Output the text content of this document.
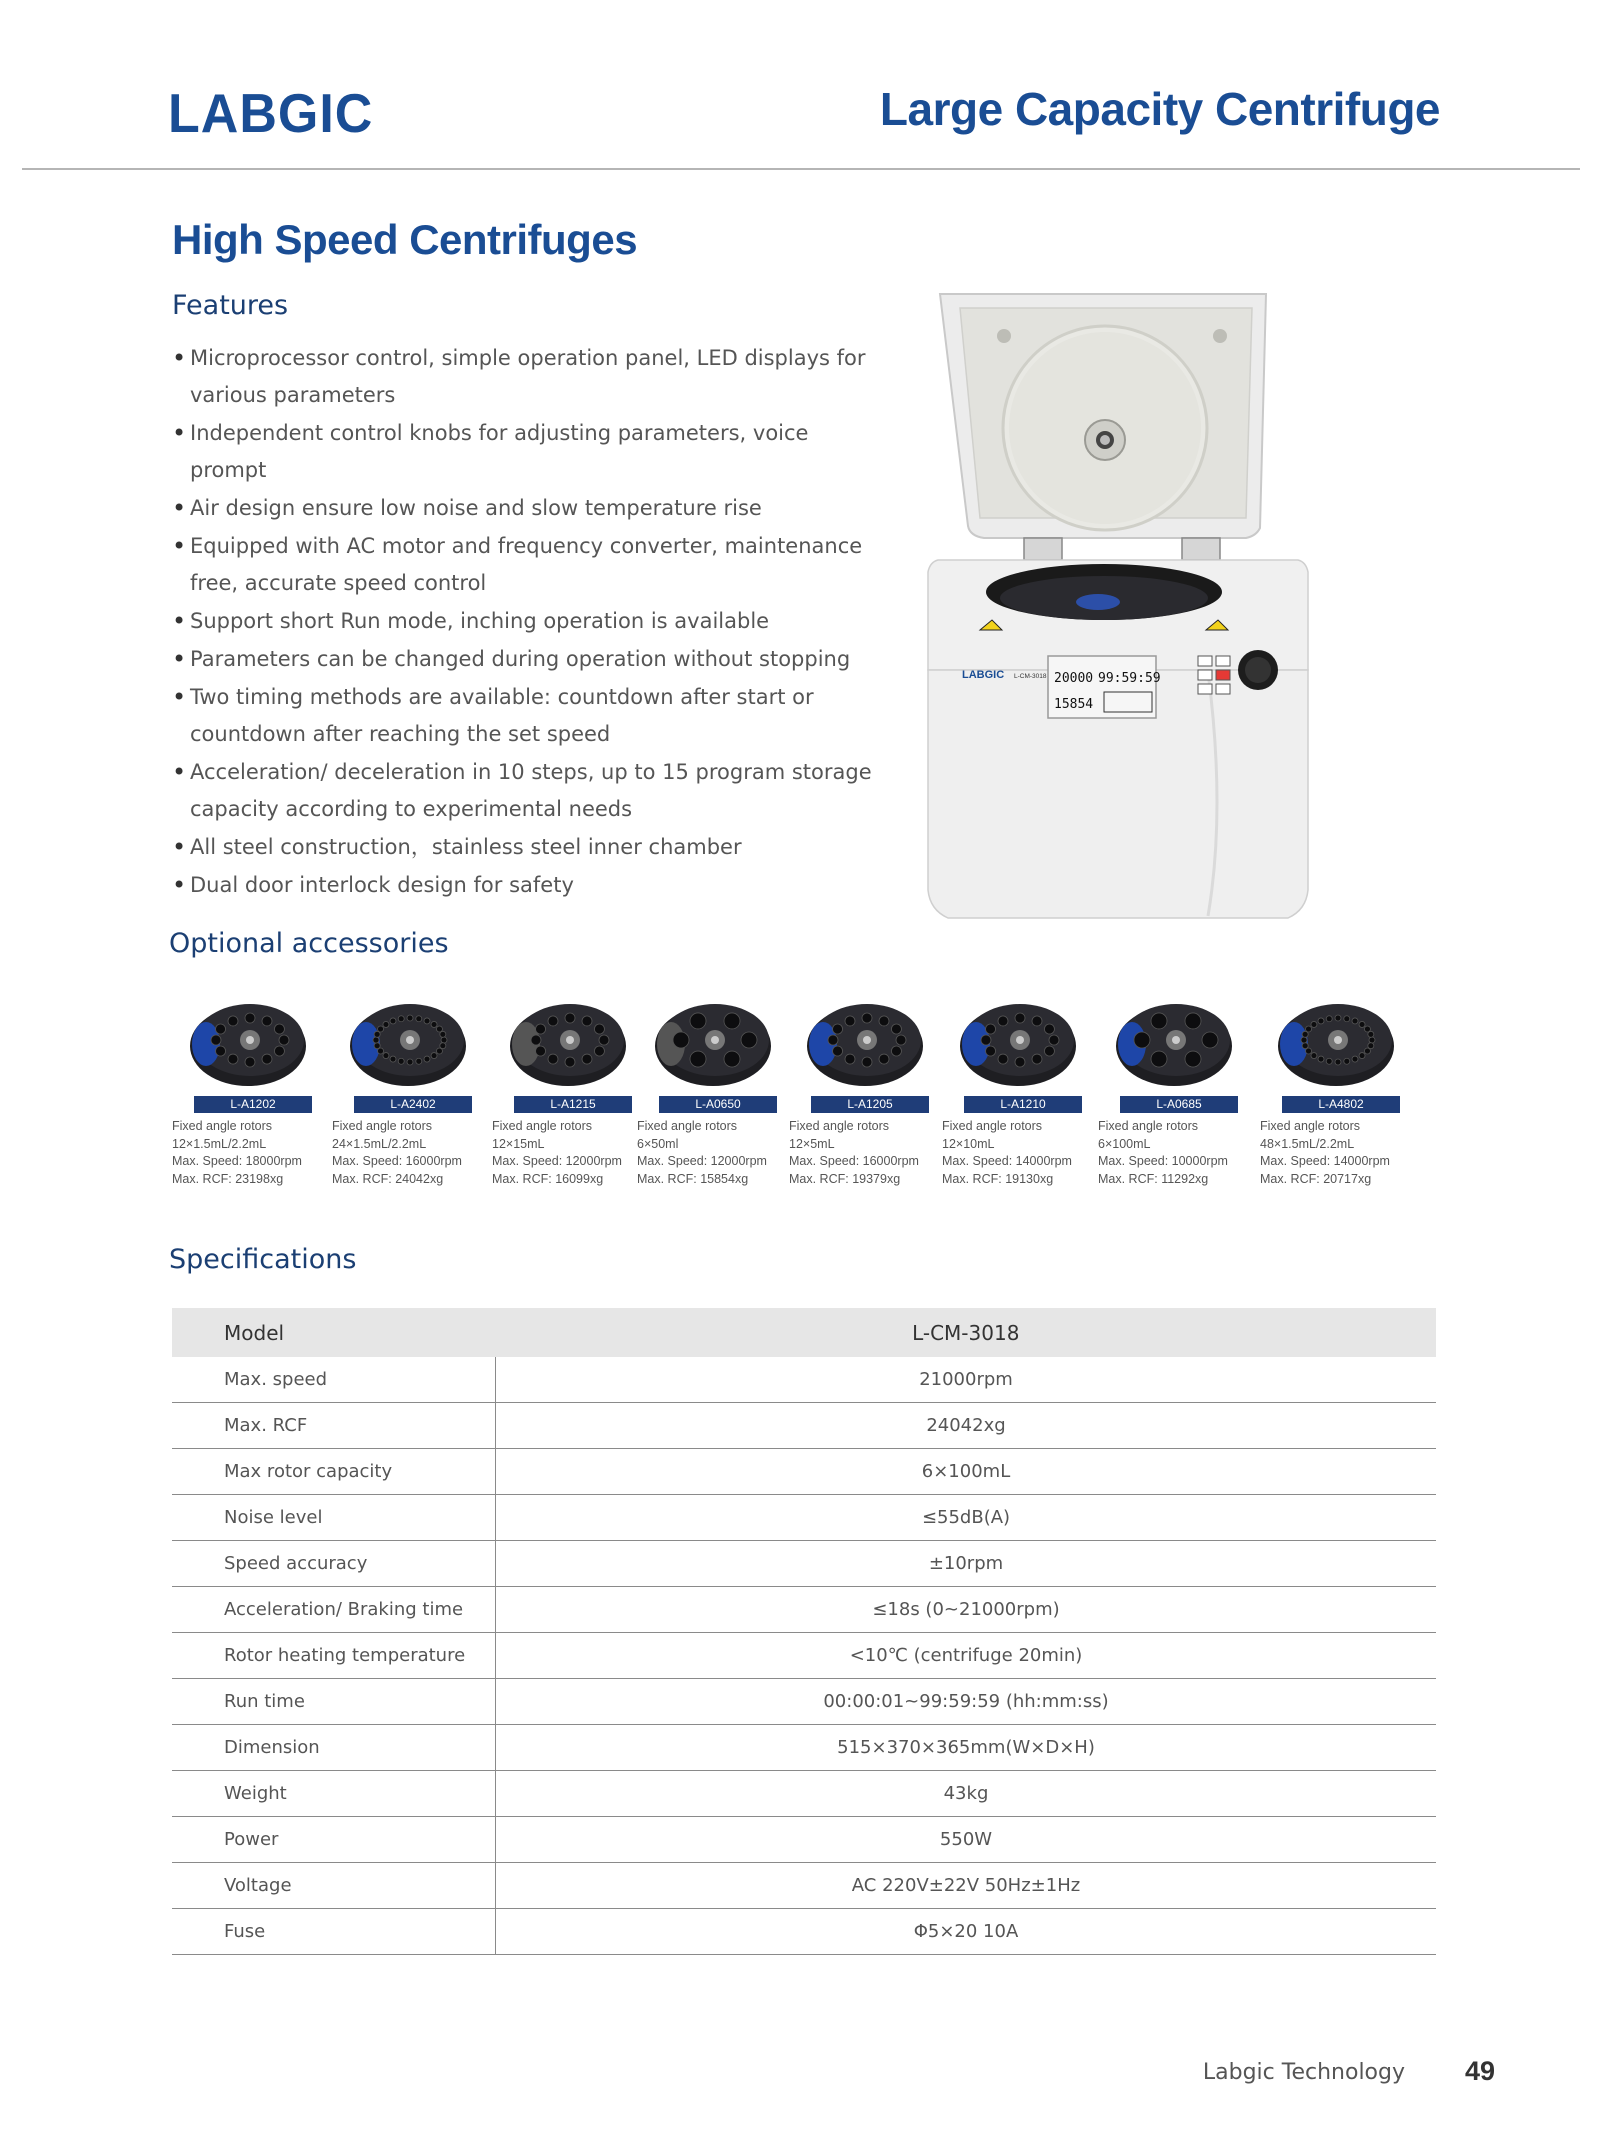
LABGIC	Large Capacity Centrifuge
High Speed Centrifuges
Features
• Microprocessor control, simple operation panel, LED displays for various parameters
• Independent control knobs for adjusting parameters, voice prompt
• Air design ensure low noise and slow temperature rise
• Equipped with AC motor and frequency converter, maintenance free, accurate speed control
• Support short Run mode, inching operation is available
• Parameters can be changed during operation without stopping
• Two timing methods are available: countdown after start or countdown after reaching the set speed
• Acceleration/ deceleration in 10 steps, up to 15 program storage capacity according to experimental needs
• All steel construction，stainless steel inner chamber
• Dual door interlock design for safety
LABGIC L-CM-3018 20000 99:59:59
15854
Optional accessories
L-A1202
Fixed angle rotors
12×1.5mL/2.2mL
Max. Speed: 18000rpm
Max. RCF: 23198xg
L-A2402
Fixed angle rotors
24×1.5mL/2.2mL
Max. Speed: 16000rpm
Max. RCF: 24042xg
L-A1215
Fixed angle rotors
12×15mL
Max. Speed: 12000rpm
Max. RCF: 16099xg
L-A0650
Fixed angle rotors
6×50ml
Max. Speed: 12000rpm
Max. RCF: 15854xg
L-A1205
Fixed angle rotors
12×5mL
Max. Speed: 16000rpm
Max. RCF: 19379xg
L-A1210
Fixed angle rotors
12×10mL
Max. Speed: 14000rpm
Max. RCF: 19130xg
L-A0685
Fixed angle rotors
6×100mL
Max. Speed: 10000rpm
Max. RCF: 11292xg
L-A4802
Fixed angle rotors
48×1.5mL/2.2mL
Max. Speed: 14000rpm
Max. RCF: 20717xg
Specifications
Model	L-CM-3018
Max. speed	21000rpm
Max. RCF	24042xg
Max rotor capacity	6×100mL
Noise level	≤55dB(A)
Speed accuracy	±10rpm
Acceleration/ Braking time	≤18s (0~21000rpm)
Rotor heating temperature	<10℃ (centrifuge 20min)
Run time	00:00:01~99:59:59 (hh:mm:ss)
Dimension	515×370×365mm(W×D×H)
Weight	43kg
Power	550W
Voltage	AC 220V±22V 50Hz±1Hz
Fuse	Φ5×20 10A
Labgic Technology 49
